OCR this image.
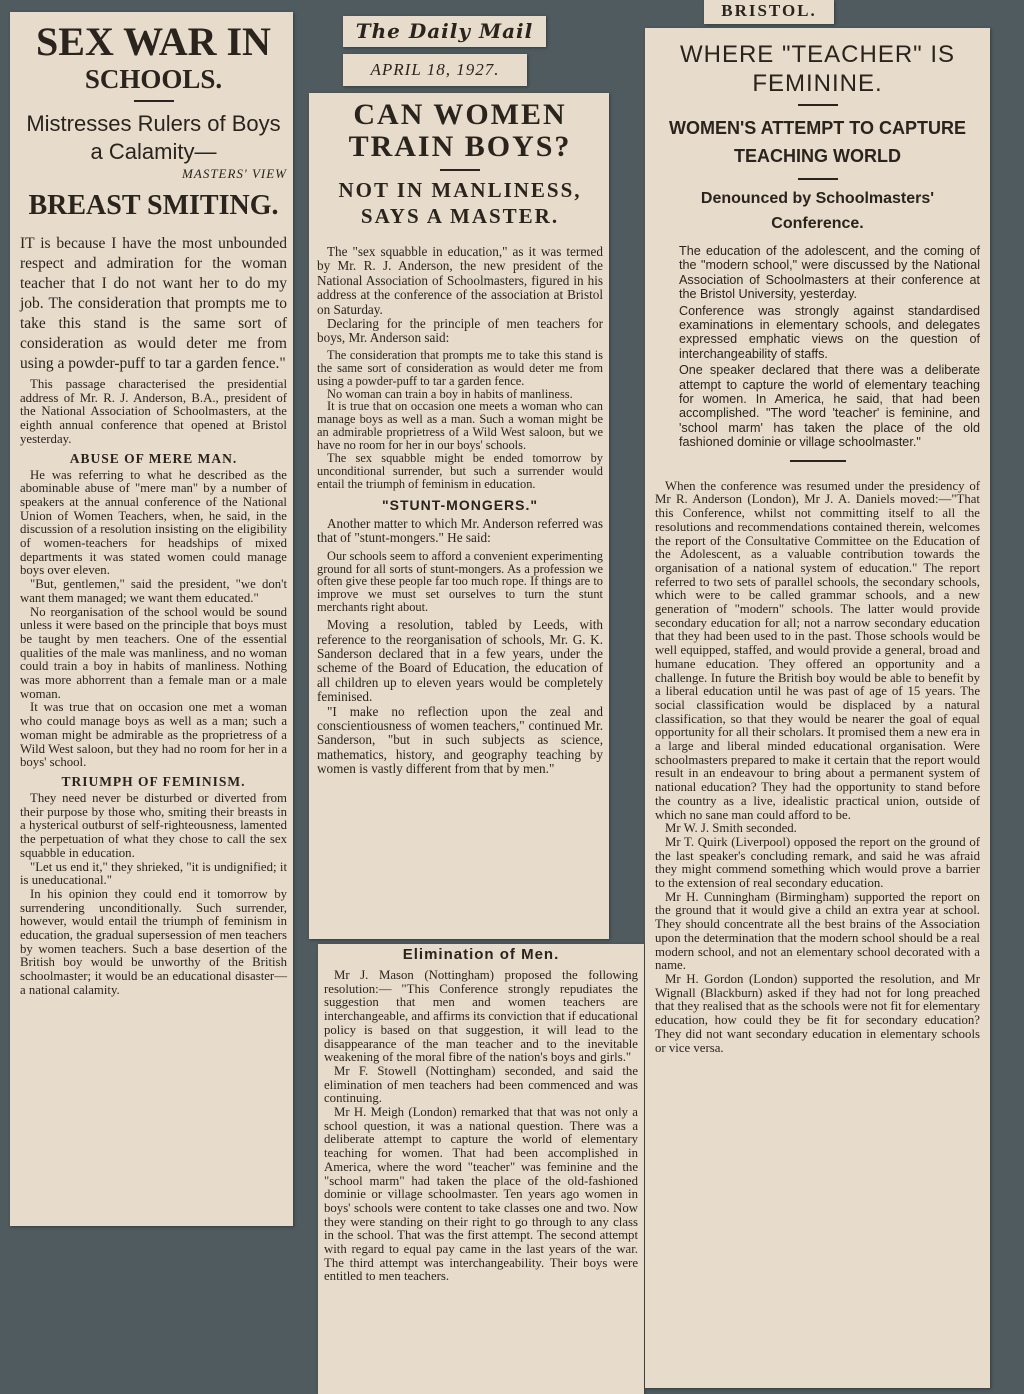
SEX WAR IN
SCHOOLS.
Mistresses Rulers of Boys a Calamity—
MASTERS' VIEW
BREAST SMITING.

IT is because I have the most unbounded respect and admiration for the woman teacher that I do not want her to do my job. The consideration that prompts me to take this stand is the same sort of consideration as would deter me from using a powder-puff to tar a garden fence."

This passage characterised the presidential address of Mr. R. J. Anderson, B.A., president of the National Association of Schoolmasters, at the eighth annual conference that opened at Bristol yesterday.

ABUSE OF MERE MAN.

He was referring to what he described as the abominable abuse of "mere man" by a number of speakers at the annual conference of the National Union of Women Teachers, when, he said, in the discussion of a resolution insisting on the eligibility of women-teachers for headships of mixed departments it was stated women could manage boys over eleven.

"But, gentlemen," said the president, "we don't want them managed; we want them educated."

No reorganisation of the school would be sound unless it were based on the principle that boys must be taught by men teachers. One of the essential qualities of the male was manliness, and no woman could train a boy in habits of manliness. Nothing was more abhorrent than a female man or a male woman.

It was true that on occasion one met a woman who could manage boys as well as a man; such a woman might be admirable as the proprietress of a Wild West saloon, but they had no room for her in a boys' school.

TRIUMPH OF FEMINISM.

They need never be disturbed or diverted from their purpose by those who, smiting their breasts in a hysterical outburst of self-righteousness, lamented the perpetuation of what they chose to call the sex squabble in education.

"Let us end it," they shrieked, "it is undignified; it is uneducational."

In his opinion they could end it tomorrow by surrendering unconditionally. Such surrender, however, would entail the triumph of feminism in education, the gradual supersession of men teachers by women teachers. Such a base desertion of the British boy would be unworthy of the British schoolmaster; it would be an educational disaster—a national calamity.

The Daily Mail
APRIL 18, 1927.
CAN WOMEN TRAIN BOYS?
NOT IN MANLINESS, SAYS A MASTER.

The "sex squabble in education," as it was termed by Mr. R. J. Anderson, the new president of the National Association of Schoolmasters, figured in his address at the conference of the association at Bristol on Saturday.

Declaring for the principle of men teachers for boys, Mr. Anderson said:

The consideration that prompts me to take this stand is the same sort of consideration as would deter me from using a powder-puff to tar a garden fence.

No woman can train a boy in habits of manliness.

It is true that on occasion one meets a woman who can manage boys as well as a man. Such a woman might be an admirable proprietress of a Wild West saloon, but we have no room for her in our boys' schools.

The sex squabble might be ended tomorrow by unconditional surrender, but such a surrender would entail the triumph of feminism in education.

"STUNT-MONGERS."

Another matter to which Mr. Anderson referred was that of "stunt-mongers." He said:

Our schools seem to afford a convenient experimenting ground for all sorts of stunt-mongers. As a profession we often give these people far too much rope. If things are to improve we must set ourselves to turn the stunt merchants right about.

Moving a resolution, tabled by Leeds, with reference to the reorganisation of schools, Mr. G. K. Sanderson declared that in a few years, under the scheme of the Board of Education, the education of all children up to eleven years would be completely feminised.

"I make no reflection upon the zeal and conscientiousness of women teachers," continued Mr. Sanderson, "but in such subjects as science, mathematics, history, and geography teaching by women is vastly different from that by men."

Elimination of Men.

Mr J. Mason (Nottingham) proposed the following resolution:— "This Conference strongly repudiates the suggestion that men and women teachers are interchangeable, and affirms its conviction that if educational policy is based on that suggestion, it will lead to the disappearance of the man teacher and to the inevitable weakening of the moral fibre of the nation's boys and girls."

Mr F. Stowell (Nottingham) seconded, and said the elimination of men teachers had been commenced and was continuing.

Mr H. Meigh (London) remarked that that was not only a school question, it was a national question. There was a deliberate attempt to capture the world of elementary teaching for women. That had been accomplished in America, where the word "teacher" was feminine and the "school marm" had taken the place of the old-fashioned dominie or village schoolmaster. Ten years ago women in boys' schools were content to take classes one and two. Now they were standing on their right to go through to any class in the school. That was the first attempt. The second attempt with regard to equal pay came in the last years of the war. The third attempt was interchangeability. Their boys were entitled to men teachers.

BRISTOL.
WHERE "TEACHER" IS FEMININE.
WOMEN'S ATTEMPT TO CAPTURE TEACHING WORLD
Denounced by Schoolmasters' Conference.

The education of the adolescent, and the coming of the "modern school," were discussed by the National Association of Schoolmasters at their conference at the Bristol University, yesterday.

Conference was strongly against standardised examinations in elementary schools, and delegates expressed emphatic views on the question of interchangeability of staffs.

One speaker declared that there was a deliberate attempt to capture the world of elementary teaching for women. In America, he said, that had been accomplished. "The word 'teacher' is feminine, and 'school marm' has taken the place of the old fashioned dominie or village schoolmaster."

When the conference was resumed under the presidency of Mr R. Anderson (London), Mr J. A. Daniels moved:—"That this Conference, whilst not committing itself to all the resolutions and recommendations contained therein, welcomes the report of the Consultative Committee on the Education of the Adolescent, as a valuable contribution towards the organisation of a national system of education." The report referred to two sets of parallel schools, the secondary schools, which were to be called grammar schools, and a new generation of "modern" schools. The latter would provide secondary education for all; not a narrow secondary education that they had been used to in the past. Those schools would be well equipped, staffed, and would provide a general, broad and humane education. They offered an opportunity and a challenge. In future the British boy would be able to benefit by a liberal education until he was past of age of 15 years. The social classification would be displaced by a natural classification, so that they would be nearer the goal of equal opportunity for all their scholars. It promised them a new era in a large and liberal minded educational organisation. Were schoolmasters prepared to make it certain that the report would result in an endeavour to bring about a permanent system of national education? They had the opportunity to stand before the country as a live, idealistic practical union, outside of which no sane man could afford to be.

Mr W. J. Smith seconded.

Mr T. Quirk (Liverpool) opposed the report on the ground of the last speaker's concluding remark, and said he was afraid they might commend something which would prove a barrier to the extension of real secondary education.

Mr H. Cunningham (Birmingham) supported the report on the ground that it would give a child an extra year at school. They should concentrate all the best brains of the Association upon the determination that the modern school should be a real modern school, and not an elementary school decorated with a name.

Mr H. Gordon (London) supported the resolution, and Mr Wignall (Blackburn) asked if they had not for long preached that they realised that as the schools were not fit for elementary education, how could they be fit for secondary education? They did not want secondary education in elementary schools or vice versa.
